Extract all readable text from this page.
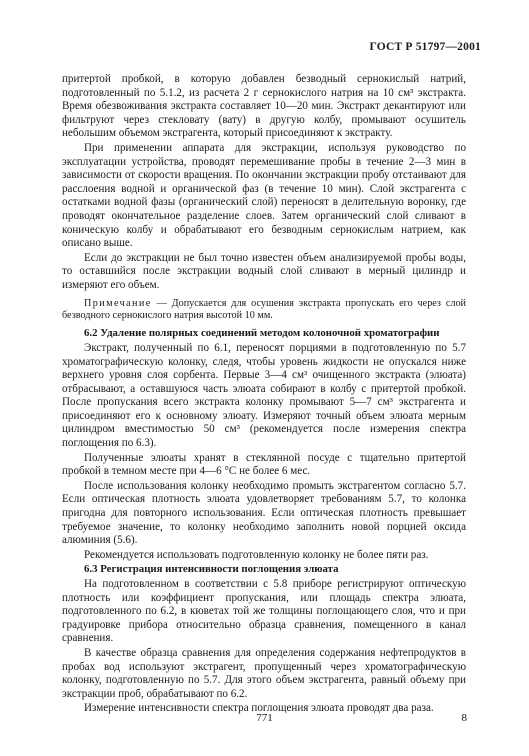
ГОСТ Р 51797—2001

притертой пробкой, в которую добавлен безводный сернокислый натрий, подготовленный по 5.1.2, из расчета 2 г сернокислого натрия на 10 см³ экстракта. Время обезвоживания экстракта составляет 10—20 мин. Экстракт декантируют или фильтруют через стекловату (вату) в другую колбу, промывают осушитель небольшим объемом экстрагента, который присоединяют к экстракту.

При применении аппарата для экстракции, используя руководство по эксплуатации устройства, проводят перемешивание пробы в течение 2—3 мин в зависимости от скорости вращения. По окончании экстракции пробу отстаивают для расслоения водной и органической фаз (в течение 10 мин). Слой экстрагента с остатками водной фазы (органический слой) переносят в делительную воронку, где проводят окончательное разделение слоев. Затем органический слой сливают в коническую колбу и обрабатывают его безводным сернокислым натрием, как описано выше.

Если до экстракции не был точно известен объем анализируемой пробы воды, то оставшийся после экстракции водный слой сливают в мерный цилиндр и измеряют его объем.

Примечание — Допускается для осушения экстракта пропускать его через слой безводного сернокислого натрия высотой 10 мм.

6.2 Удаление полярных соединений методом колоночной хроматографии

Экстракт, полученный по 6.1, переносят порциями в подготовленную по 5.7 хроматографическую колонку, следя, чтобы уровень жидкости не опускался ниже верхнего уровня слоя сорбента. Первые 3—4 см³ очищенного экстракта (элюата) отбрасывают, а оставшуюся часть элюата собирают в колбу с притертой пробкой. После пропускания всего экстракта колонку промывают 5—7 см³ экстрагента и присоединяют его к основному элюату. Измеряют точный объем элюата мерным цилиндром вместимостью 50 см³ (рекомендуется после измерения спектра поглощения по 6.3).

Полученные элюаты хранят в стеклянной посуде с тщательно притертой пробкой в темном месте при 4—6 °С не более 6 мес.

После использования колонку необходимо промыть экстрагентом согласно 5.7. Если оптическая плотность элюата удовлетворяет требованиям 5.7, то колонка пригодна для повторного использования. Если оптическая плотность превышает требуемое значение, то колонку необходимо заполнить новой порцией оксида алюминия (5.6).

Рекомендуется использовать подготовленную колонку не более пяти раз.

6.3 Регистрация интенсивности поглощения элюата

На подготовленном в соответствии с 5.8 приборе регистрируют оптическую плотность или коэффициент пропускания, или площадь спектра элюата, подготовленного по 6.2, в кюветах той же толщины поглощающего слоя, что и при градуировке прибора относительно образца сравнения, помещенного в канал сравнения.

В качестве образца сравнения для определения содержания нефтепродуктов в пробах вод используют экстрагент, пропущенный через хроматографическую колонку, подготовленную по 5.7. Для этого объем экстрагента, равный объему при экстракции проб, обрабатывают по 6.2.

Измерение интенсивности спектра поглощения элюата проводят два раза.

771	8
